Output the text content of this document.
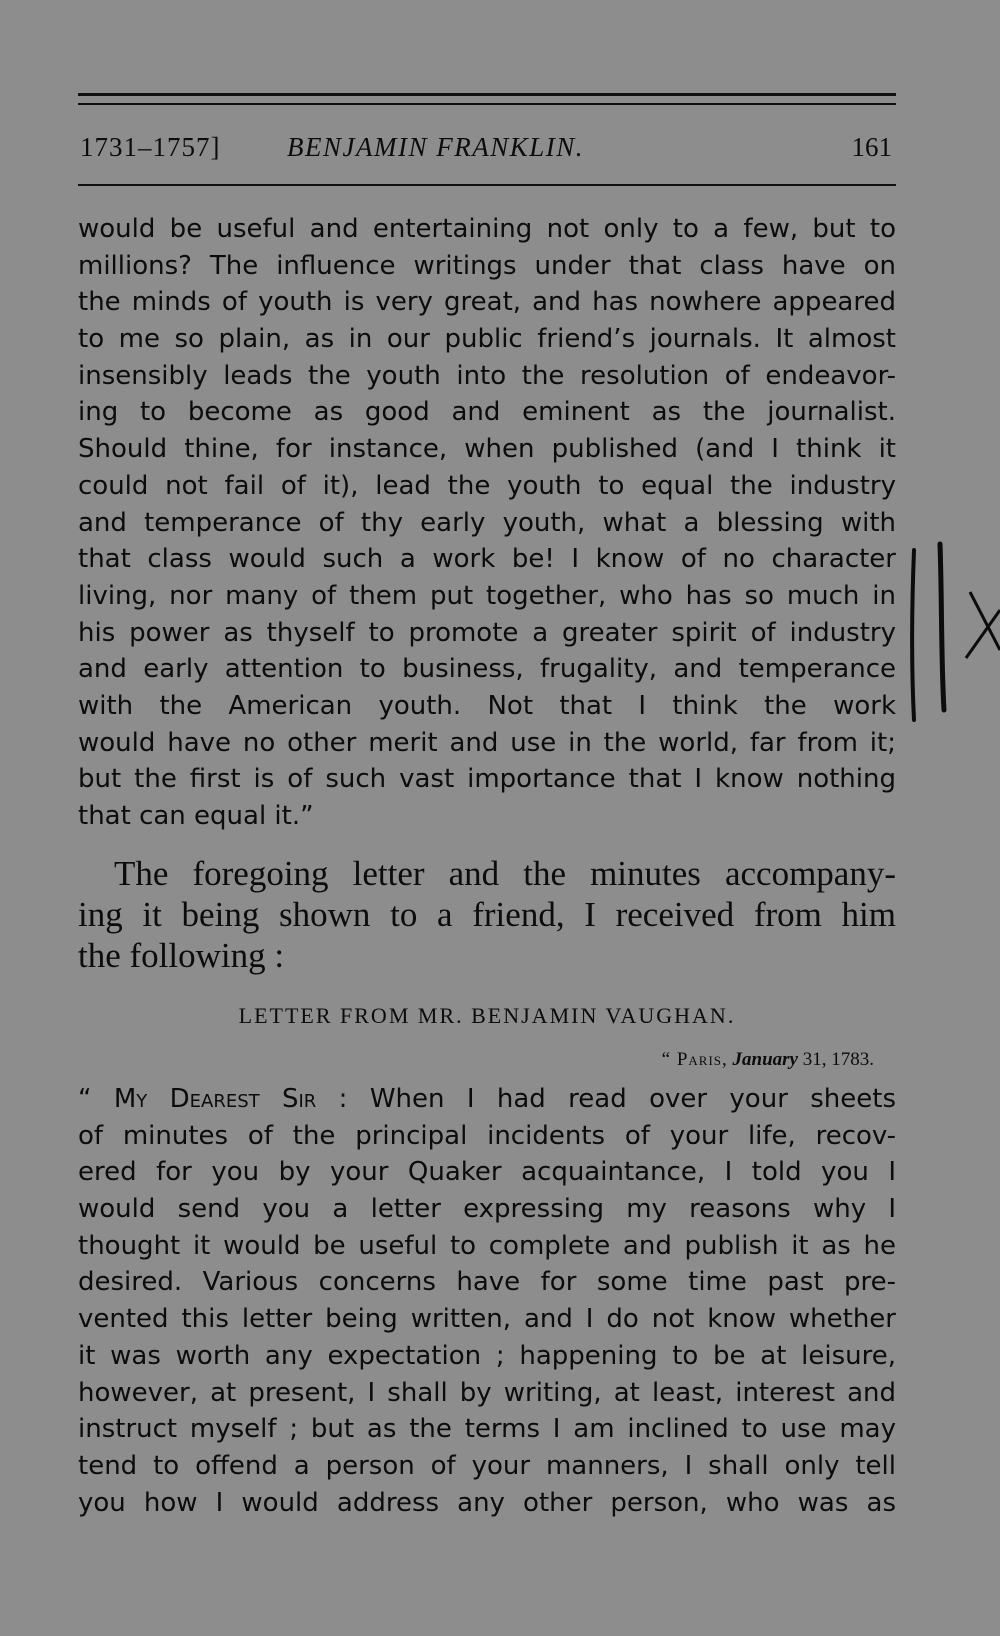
1731–1757] BENJAMIN FRANKLIN.	161
would be useful and entertaining not only to a few, but to
millions? The influence writings under that class have on
the minds of youth is very great, and has nowhere appeared
to me so plain, as in our public friend’s journals. It almost
insensibly leads the youth into the resolution of endeavor-
ing to become as good and eminent as the journalist.
Should thine, for instance, when published (and I think it
could not fail of it), lead the youth to equal the industry
and temperance of thy early youth, what a blessing with
that class would such a work be! I know of no character
living, nor many of them put together, who has so much in
his power as thyself to promote a greater spirit of industry
and early attention to business, frugality, and temperance
with the American youth. Not that I think the work
would have no other merit and use in the world, far from it;
but the first is of such vast importance that I know nothing
that can equal it.”
The foregoing letter and the minutes accompany-
ing it being shown to a friend, I received from him
the following :
LETTER FROM MR. BENJAMIN VAUGHAN.
“ Paris, January 31, 1783.
“ My Dearest Sir : When I had read over your sheets
of minutes of the principal incidents of your life, recov-
ered for you by your Quaker acquaintance, I told you I
would send you a letter expressing my reasons why I
thought it would be useful to complete and publish it as he
desired. Various concerns have for some time past pre-
vented this letter being written, and I do not know whether
it was worth any expectation ; happening to be at leisure,
however, at present, I shall by writing, at least, interest and
instruct myself ; but as the terms I am inclined to use may
tend to offend a person of your manners, I shall only tell
you how I would address any other person, who was as
